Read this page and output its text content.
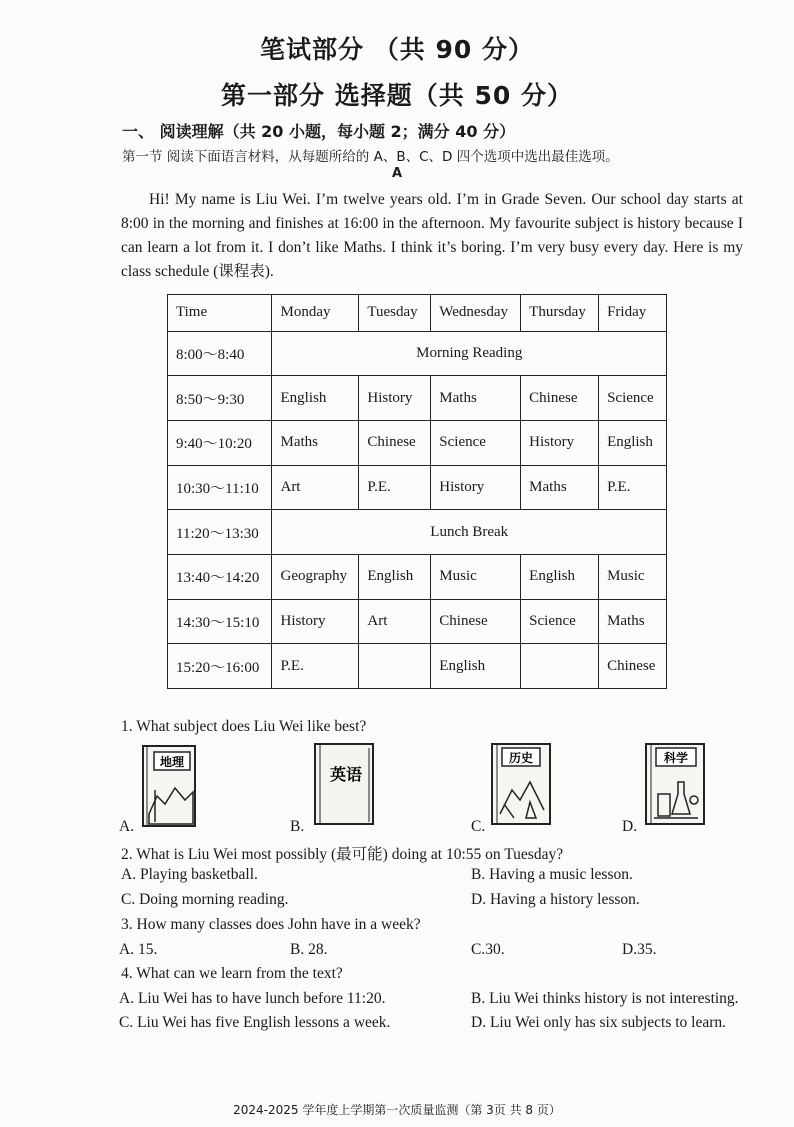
笔试部分 （共 90 分）
第一部分 选择题（共 50 分）
一、 阅读理解（共 20 小题，每小题 2；满分 40 分）
第一节 阅读下面语言材料，从每题所给的 A、B、C、D 四个选项中选出最佳选项。
A
Hi! My name is Liu Wei. I’m twelve years old. I’m in Grade Seven. Our school day starts at 8:00 in the morning and finishes at 16:00 in the afternoon. My favourite subject is history because I can learn a lot from it. I don’t like Maths. I think it’s boring. I’m very busy every day. Here is my class schedule (课程表).
Time	Monday	Tuesday	Wednesday	Thursday	Friday
8:00～8:40	Morning Reading				
8:50～9:30	English	History	Maths	Chinese	Science
9:40～10:20	Maths	Chinese	Science	History	English
10:30～11:10	Art	P.E.	History	Maths	P.E.
11:20～13:30	Lunch Break				
13:40～14:20	Geography	English	Music	English	Music
14:30～15:10	History	Art	Chinese	Science	Maths
15:20～16:00	P.E.		English		Chinese
1. What subject does Liu Wei like best?
A.
地理
B.
英语
C.
历史
D.
科学
2. What is Liu Wei most possibly (最可能) doing at 10:55 on Tuesday?
A. Playing basketball.	B. Having a music lesson.
C. Doing morning reading.	D. Having a history lesson.
3. How many classes does John have in a week?
A. 15.	B. 28.	C.30.	D.35.
4. What can we learn from the text?
A. Liu Wei has to have lunch before 11:20.	B. Liu Wei thinks history is not interesting.
C. Liu Wei has five English lessons a week.	D. Liu Wei only has six subjects to learn.
2024-2025 学年度上学期第一次质量监测（第 3页 共 8 页）
